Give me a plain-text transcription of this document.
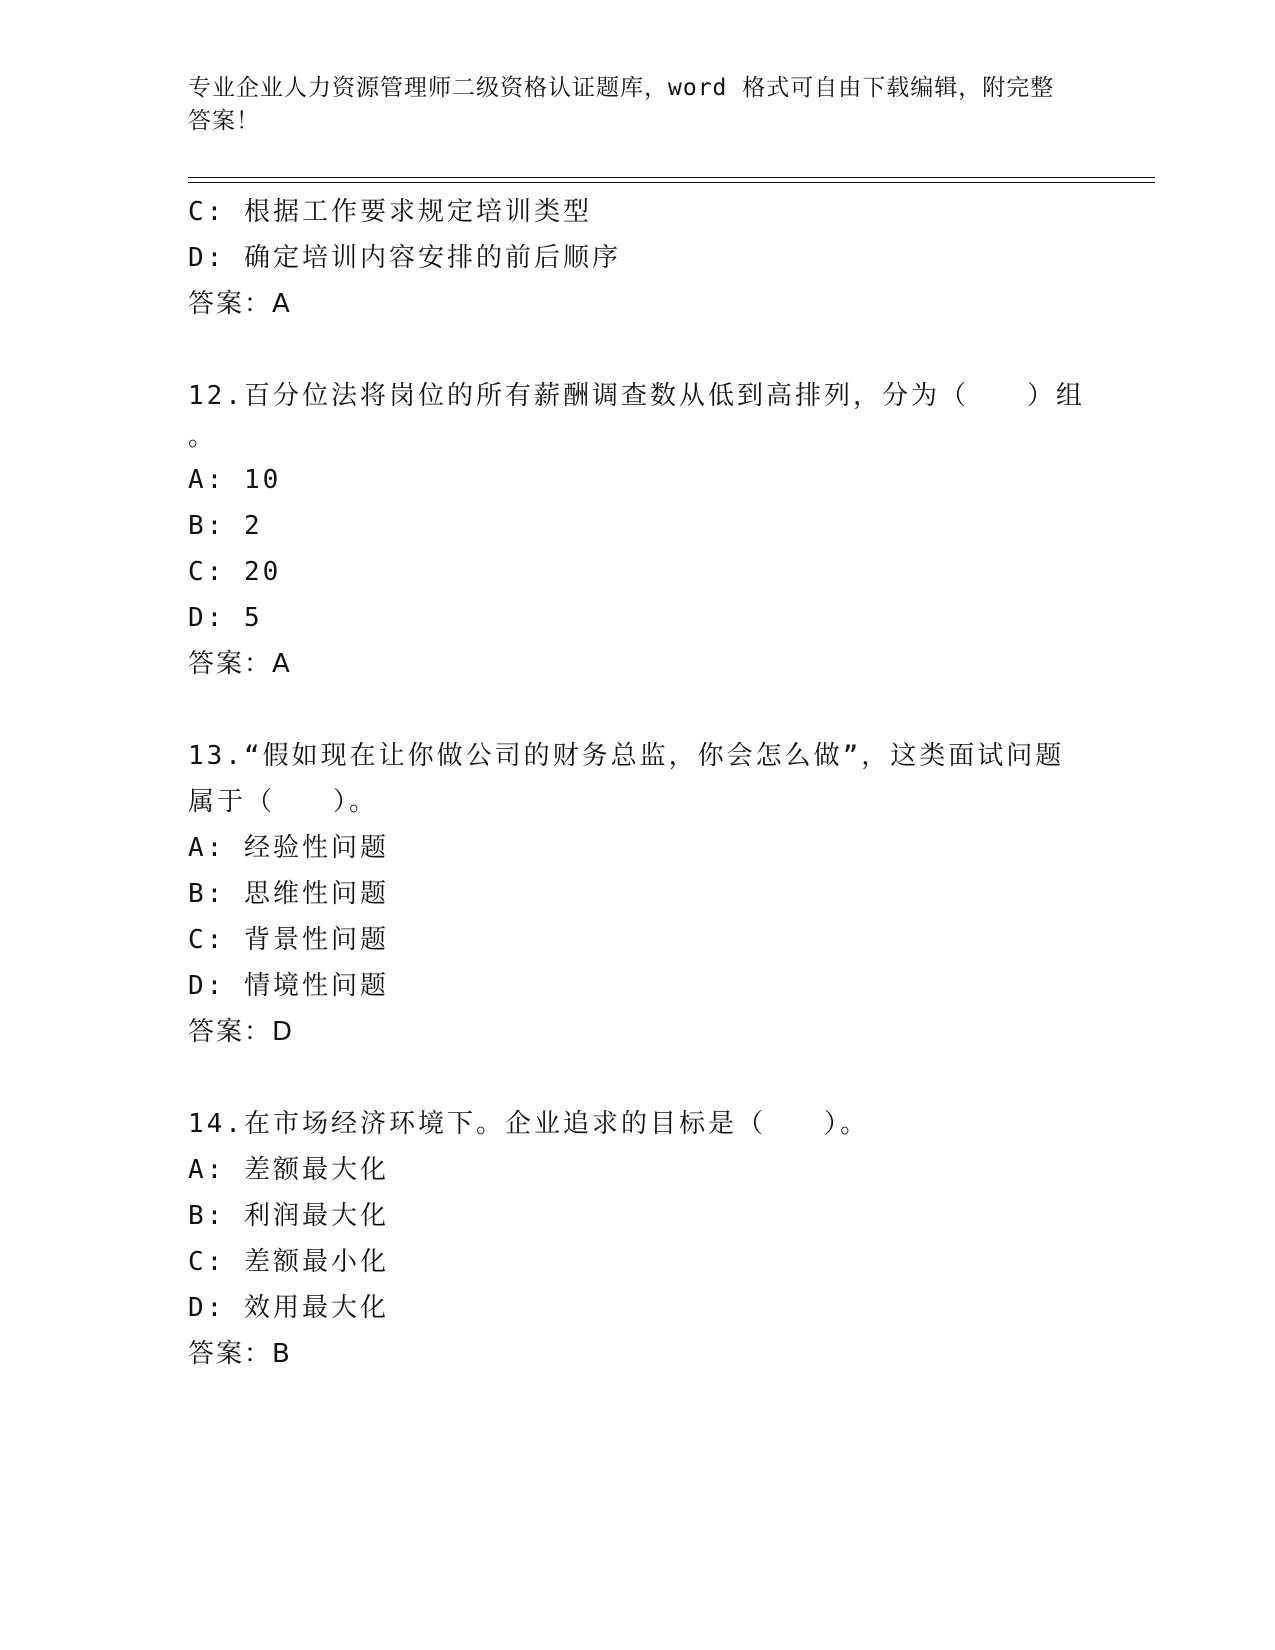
专业企业人力资源管理师二级资格认证题库，word 格式可自由下载编辑，附完整
答案！
C: 根据工作要求规定培训类型
D: 确定培训内容安排的前后顺序
答案：A
12.百分位法将岗位的所有薪酬调查数从低到高排列，分为（　　）组
。
A: 10
B: 2
C: 20
D: 5
答案：A
13.“假如现在让你做公司的财务总监，你会怎么做”，这类面试问题
属于（　　）。
A: 经验性问题
B: 思维性问题
C: 背景性问题
D: 情境性问题
答案：D
14.在市场经济环境下。企业追求的目标是（　　）。
A: 差额最大化
B: 利润最大化
C: 差额最小化
D: 效用最大化
答案：B
